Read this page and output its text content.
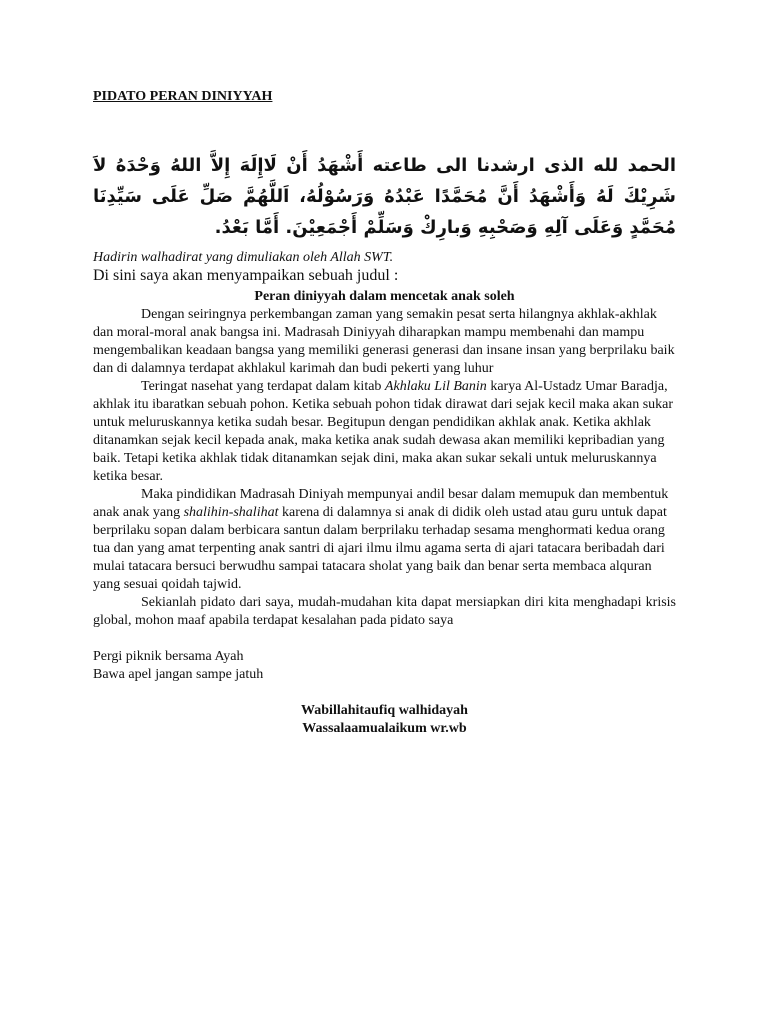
PIDATO PERAN DINIYYAH
الحمد لله الذى ارشدنا الى طاعته أَشْهَدُ أَنْ لَاإِلَهَ إِلاَّ اللهُ وَحْدَهُ لاَ شَرِيْكَ لَهُ وَأَشْهَدُ أَنَّ مُحَمَّدًا عَبْدُهُ وَرَسُوْلُهُ، اَللَّهُمَّ صَلِّ عَلَى سَيِّدِنَا مُحَمَّدٍ وَعَلَى آلِهِ وَصَحْبِهِ وَبارِكْ وَسَلِّمْ أَجْمَعِيْنَ. أَمَّا بَعْدُ.
Hadirin walhadirat yang dimuliakan oleh Allah SWT.
Di sini saya akan menyampaikan sebuah judul :
Peran diniyyah dalam mencetak anak soleh

Dengan seiringnya perkembangan zaman yang semakin pesat serta hilangnya akhlak-akhlak dan moral-moral anak bangsa ini. Madrasah Diniyyah diharapkan mampu membenahi dan mampu mengembalikan keadaan bangsa yang memiliki generasi generasi dan insane insan yang berprilaku baik dan di dalamnya terdapat akhlakul karimah dan budi pekerti yang luhur

Teringat nasehat yang terdapat dalam kitab Akhlaku Lil Banin karya Al-Ustadz Umar Baradja, akhlak itu ibaratkan sebuah pohon. Ketika sebuah pohon tidak dirawat dari sejak kecil maka akan sukar untuk meluruskannya ketika sudah besar. Begitupun dengan pendidikan akhlak anak. Ketika akhlak ditanamkan sejak kecil kepada anak, maka ketika anak sudah dewasa akan memiliki kepribadian yang baik. Tetapi ketika akhlak tidak ditanamkan sejak dini, maka akan sukar sekali untuk meluruskannya ketika besar.

Maka pindidikan Madrasah Diniyah mempunyai andil besar dalam memupuk dan membentuk anak anak yang shalihin-shalihat karena di dalamnya si anak di didik oleh ustad atau guru untuk dapat berprilaku sopan dalam berbicara santun dalam berprilaku terhadap sesama menghormati kedua orang tua dan yang amat terpenting anak santri di ajari ilmu ilmu agama serta di ajari tatacara beribadah dari mulai tatacara bersuci berwudhu sampai tatacara sholat yang baik dan benar serta membaca alquran yang sesuai qoidah tajwid.

Sekianlah pidato dari saya, mudah-mudahan kita dapat mersiapkan diri kita menghadapi krisis global, mohon maaf apabila terdapat kesalahan pada pidato saya

Pergi piknik bersama Ayah
Bawa apel jangan sampe jatuh
Wabillahitaufiq walhidayah
Wassalaamualaikum wr.wb
